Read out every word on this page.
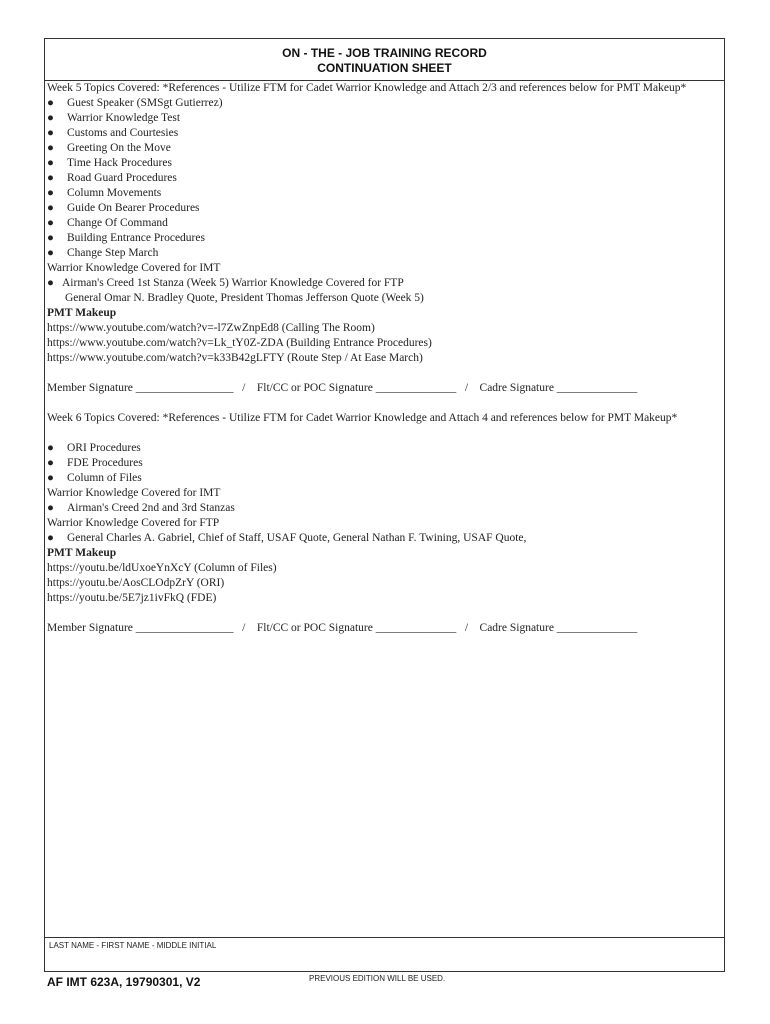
ON - THE - JOB TRAINING RECORD
CONTINUATION SHEET
Week 5 Topics Covered: *References - Utilize FTM for Cadet Warrior Knowledge and Attach 2/3 and references below for PMT Makeup*
● Guest Speaker (SMSgt Gutierrez)
● Warrior Knowledge Test
● Customs and Courtesies
● Greeting On the Move
● Time Hack Procedures
● Road Guard Procedures
● Column Movements
● Guide On Bearer Procedures
● Change Of Command
● Building Entrance Procedures
● Change Step March
Warrior Knowledge Covered for IMT
● Airman's Creed 1st Stanza (Week 5) Warrior Knowledge Covered for FTP
General Omar N. Bradley Quote, President Thomas Jefferson Quote (Week 5)
PMT Makeup
https://www.youtube.com/watch?v=-l7ZwZnpEd8 (Calling The Room)
https://www.youtube.com/watch?v=Lk_tY0Z-ZDA (Building Entrance Procedures)
https://www.youtube.com/watch?v=k33B42gLFTY (Route Step / At Ease March)
Member Signature _________________   /    Flt/CC or POC Signature ______________   /    Cadre Signature ______________
Week 6 Topics Covered: *References - Utilize FTM for Cadet Warrior Knowledge and Attach 4 and references below for PMT Makeup*
● ORI Procedures
● FDE Procedures
● Column of Files
Warrior Knowledge Covered for IMT
● Airman's Creed 2nd and 3rd Stanzas
Warrior Knowledge Covered for FTP
● General Charles A. Gabriel, Chief of Staff, USAF Quote, General Nathan F. Twining, USAF Quote,
PMT Makeup
https://youtu.be/ldUxoeYnXcY (Column of Files)
https://youtu.be/AosCLOdpZrY (ORI)
https://youtu.be/5E7jz1ivFkQ (FDE)
Member Signature _________________   /    Flt/CC or POC Signature ______________   /    Cadre Signature ______________
LAST NAME - FIRST NAME - MIDDLE INITIAL
AF IMT 623A, 19790301, V2	PREVIOUS EDITION WILL BE USED.
